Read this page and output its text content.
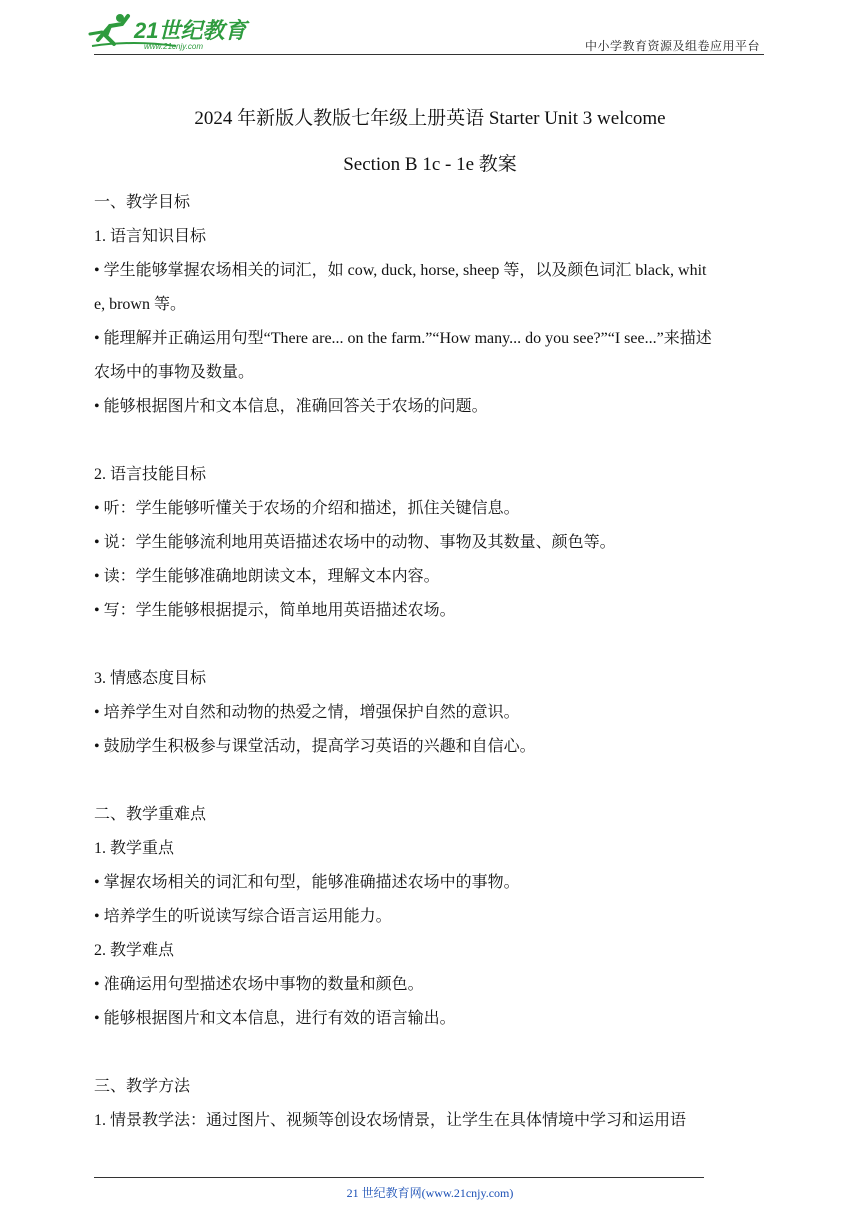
21世纪教育
www.21cnjy.com	中小学教育资源及组卷应用平台
2024 年新版人教版七年级上册英语 Starter Unit 3 welcome
Section B 1c - 1e 教案
一、教学目标
1. 语言知识目标
• 学生能够掌握农场相关的词汇，如 cow, duck, horse, sheep 等，以及颜色词汇 black, whit
e, brown 等。
• 能理解并正确运用句型“There are... on the farm.”“How many... do you see?”“I see...”来描述
农场中的事物及数量。
• 能够根据图片和文本信息，准确回答关于农场的问题。
2. 语言技能目标
• 听：学生能够听懂关于农场的介绍和描述，抓住关键信息。
• 说：学生能够流利地用英语描述农场中的动物、事物及其数量、颜色等。
• 读：学生能够准确地朗读文本，理解文本内容。
• 写：学生能够根据提示，简单地用英语描述农场。
3. 情感态度目标
• 培养学生对自然和动物的热爱之情，增强保护自然的意识。
• 鼓励学生积极参与课堂活动，提高学习英语的兴趣和自信心。
二、教学重难点
1. 教学重点
• 掌握农场相关的词汇和句型，能够准确描述农场中的事物。
• 培养学生的听说读写综合语言运用能力。
2. 教学难点
• 准确运用句型描述农场中事物的数量和颜色。
• 能够根据图片和文本信息，进行有效的语言输出。
三、教学方法
1. 情景教学法：通过图片、视频等创设农场情景，让学生在具体情境中学习和运用语
21 世纪教育网(www.21cnjy.com)
